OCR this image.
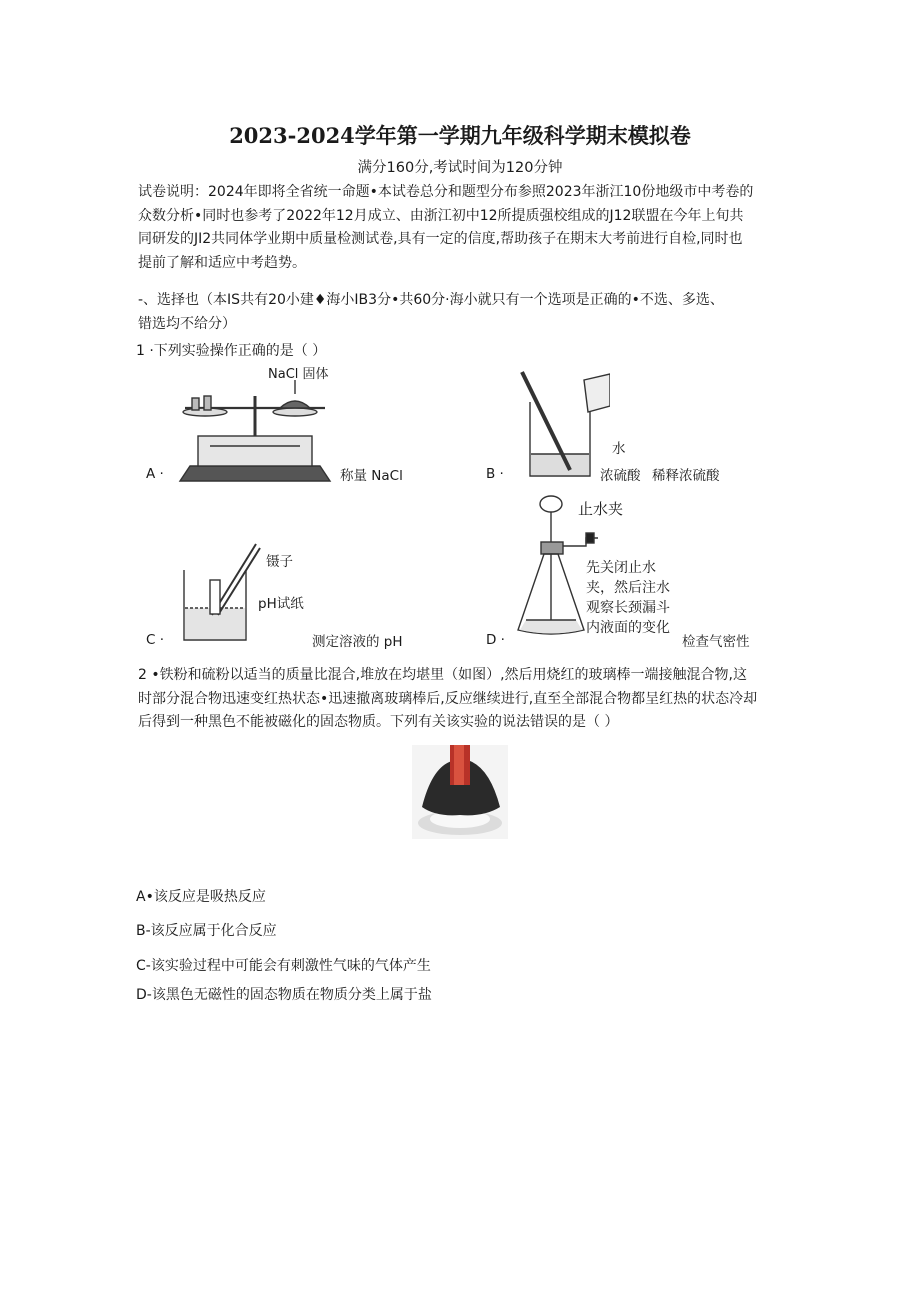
2023-2024学年第一学期九年级科学期末模拟卷
满分160分,考试时间为120分钟
试卷说明：2024年即将全省统一命题•本试卷总分和题型分布参照2023年浙江10份地级市中考卷的
众数分析•同时也参考了2022年12月成立、由浙江初中12所提质强校组成的J12联盟在今年上旬共
同研发的JI2共同体学业期中质量检测试卷,具有一定的信度,帮助孩子在期末大考前进行自检,同时也
提前了解和适应中考趋势。
-、选择也（本IS共有20小建♦海小IB3分•共60分·海小就只有一个选项是正确的•不选、多选、
错选均不给分）
1 ·下列实验操作正确的是（ ）
A ·
NaCl 固体
称量 NaCl	B ·
水
浓硫酸 稀释浓硫酸
C ·
镊子
pH试纸
测定溶液的 pH	D ·
止水夹
先关闭止水
夹，然后注水
观察长颈漏斗
内液面的变化
检查气密性
2 •铁粉和硫粉以适当的质量比混合,堆放在均堪里（如图）,然后用烧红的玻璃棒一端接触混合物,这
时部分混合物迅速变红热状态•迅速撤离玻璃棒后,反应继续进行,直至全部混合物都呈红热的状态冷却
后得到一种黑色不能被磁化的固态物质。下列有关该实验的说法错误的是（ ）
A•该反应是吸热反应
B-该反应属于化合反应
C-该实验过程中可能会有刺激性气味的气体产生
D-该黑色无磁性的固态物质在物质分类上属于盐
